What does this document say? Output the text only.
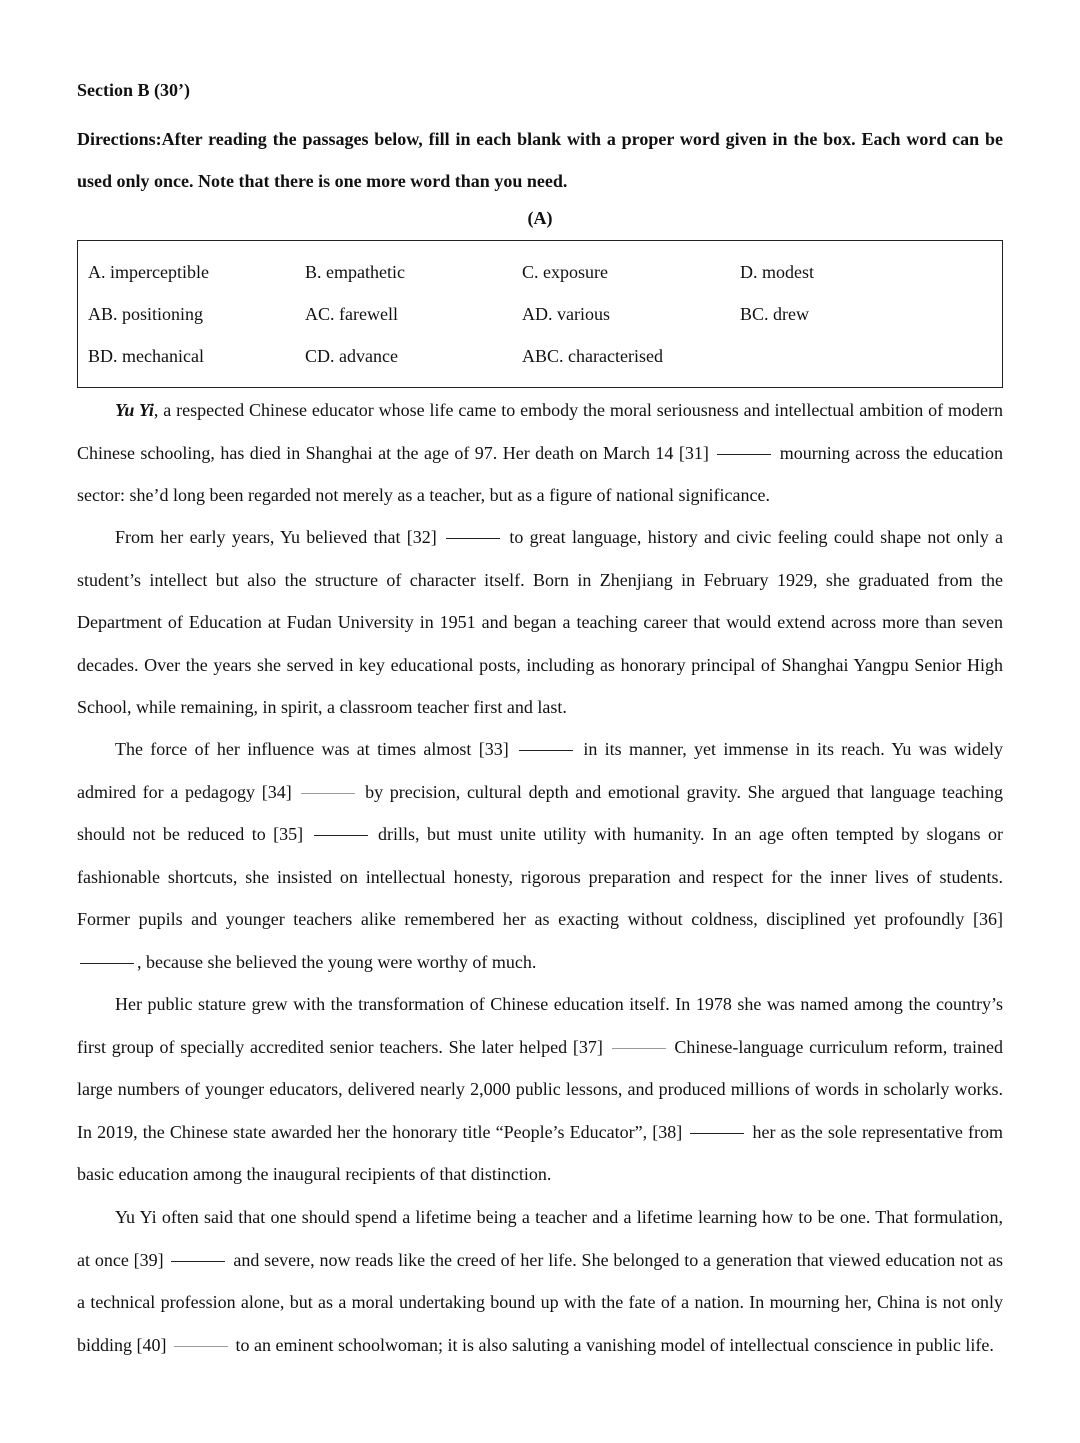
Section B (30’)
Directions:After reading the passages below, fill in each blank with a proper word given in the box. Each word can be used only once. Note that there is one more word than you need.
(A)
A. imperceptible	B. empathetic	C. exposure	D. modest
AB. positioning	AC. farewell	AD. various	BC. drew
BD. mechanical	CD. advance	ABC. characterised
Yu Yi, a respected Chinese educator whose life came to embody the moral seriousness and intellectual ambition of modern Chinese schooling, has died in Shanghai at the age of 97. Her death on March 14 [31]	mourning across the education sector: she’d long been regarded not merely as a teacher, but as a figure of national significance.
From her early years, Yu believed that [32]	to great language, history and civic feeling could shape not only a student’s intellect but also the structure of character itself. Born in Zhenjiang in February 1929, she graduated from the Department of Education at Fudan University in 1951 and began a teaching career that would extend across more than seven decades. Over the years she served in key educational posts, including as honorary principal of Shanghai Yangpu Senior High School, while remaining, in spirit, a classroom teacher first and last.
The force of her influence was at times almost [33]	in its manner, yet immense in its reach. Yu was widely admired for a pedagogy [34]	by precision, cultural depth and emotional gravity. She argued that language teaching should not be reduced to [35]	drills, but must unite utility with humanity. In an age often tempted by slogans or fashionable shortcuts, she insisted on intellectual honesty, rigorous preparation and respect for the inner lives of students. Former pupils and younger teachers alike remembered her as exacting without coldness, disciplined yet profoundly [36] , because she believed the young were worthy of much.
Her public stature grew with the transformation of Chinese education itself. In 1978 she was named among the country’s first group of specially accredited senior teachers. She later helped [37]	Chinese-language curriculum reform, trained large numbers of younger educators, delivered nearly 2,000 public lessons, and produced millions of words in scholarly works. In 2019, the Chinese state awarded her the honorary title “People’s Educator”, [38]	her as the sole representative from basic education among the inaugural recipients of that distinction.
Yu Yi often said that one should spend a lifetime being a teacher and a lifetime learning how to be one. That formulation, at once [39]	and severe, now reads like the creed of her life. She belonged to a generation that viewed education not as a technical profession alone, but as a moral undertaking bound up with the fate of a nation. In mourning her, China is not only bidding [40]	to an eminent schoolwoman; it is also saluting a vanishing model of intellectual conscience in public life.
